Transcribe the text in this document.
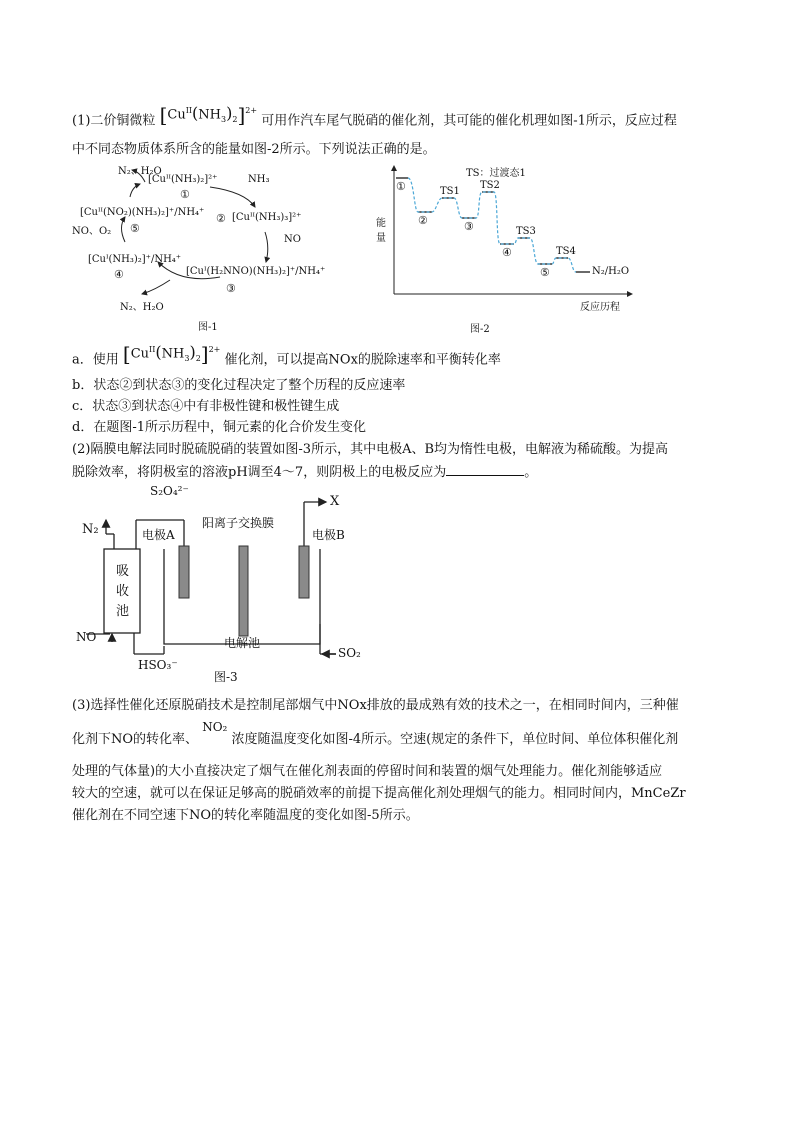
(1)二价铜微粒 $[Cu^{II}(NH_3)_2]^{2+}$ 可用作汽车尾气脱硝的催化剂，其可能的催化机理如图-1所示，反应过程
中不同态物质体系所含的能量如图-2所示。下列说法正确的是。
N₂、H₂O
[Cuᴵᴵ(NH₃)₂]²⁺
①
NH₃
② [Cuᴵᴵ(NH₃)₃]²⁺
[Cuᴵᴵ(NO₂)(NH₃)₂]⁺/NH₄⁺
NO、O₂ ⑤
NO
[Cuᴵ(NH₃)₂]⁺/NH₄⁺
④	[Cuᴵ(H₂NNO)(NH₃)₂]⁺/NH₄⁺
③
N₂、H₂O
图-1
TS：过渡态1
能量
①
②
TS1
③
TS2
④
TS3
⑤
TS4
N₂/H₂O
反应历程
图-2
a．使用 $[Cu^{II}(NH_3)_2]^{2+}$ 催化剂，可以提高NOx的脱除速率和平衡转化率
b．状态②到状态③的变化过程决定了整个历程的反应速率
c．状态③到状态④中有非极性键和极性键生成
d．在题图-1所示历程中，铜元素的化合价发生变化
(2)隔膜电解法同时脱硫脱硝的装置如图-3所示，其中电极A、B均为惰性电极，电解液为稀硫酸。为提高
脱除效率，将阴极室的溶液pH调至4～7，则阴极上的电极反应为	。
S₂O₄²⁻
X
N₂	电极A
阳离子交换膜
电极B
吸
收
池
NO	电解池
SO₂
HSO₃⁻
图-3
(3)选择性催化还原脱硝技术是控制尾部烟气中NOx排放的最成熟有效的技术之一，在相同时间内，三种催
化剂下NO的转化率、 NO₂ 浓度随温度变化如图-4所示。空速(规定的条件下，单位时间、单位体积催化剂
处理的气体量)的大小直接决定了烟气在催化剂表面的停留时间和装置的烟气处理能力。催化剂能够适应
较大的空速，就可以在保证足够高的脱硝效率的前提下提高催化剂处理烟气的能力。相同时间内，MnCeZr
催化剂在不同空速下NO的转化率随温度的变化如图-5所示。
